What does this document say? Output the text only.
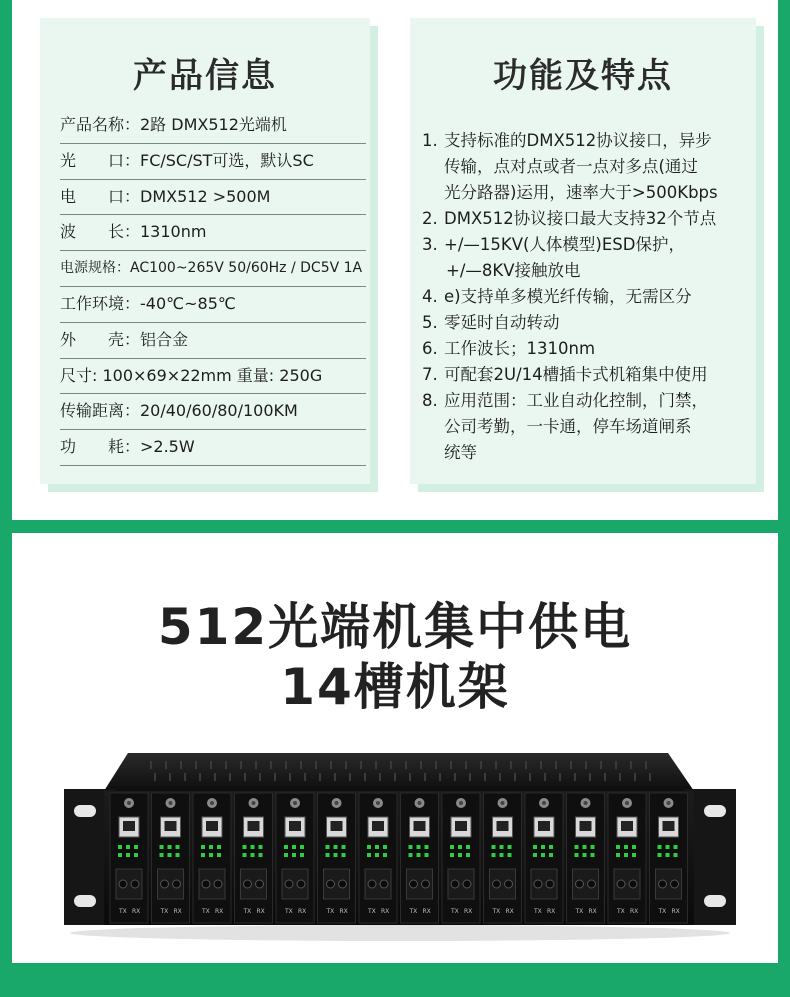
产品信息
产品名称：2路 DMX512光端机
光　　口：FC/SC/ST可选，默认SC
电　　口：DMX512 >500M
波　　长：1310nm
电源规格：AC100~265V 50/60Hz / DC5V 1A
工作环境：-40℃~85℃
外　　壳：铝合金
尺寸: 100×69×22mm 重量: 250G
传输距离：20/40/60/80/100KM
功　　耗：>2.5W
功能及特点
1. 支持标准的DMX512协议接口，异步
传输，点对点或者一点对多点(通过
光分路器)运用，速率大于>500Kbps
2. DMX512协议接口最大支持32个节点
3. +/—15KV(人体模型)ESD保护，
+/—8KV接触放电
4. e)支持单多模光纤传输，无需区分
5. 零延时自动转动
6. 工作波长；1310nm
7. 可配套2U/14槽插卡式机箱集中使用
8. 应用范围：工业自动化控制，门禁，
公司考勤，一卡通，停车场道闸系
统等
512光端机集中供电
14槽机架
TX RX	TX RX	TX RX	TX RX	TX RX	TX RX	TX RX	TX RX	TX RX	TX RX	TX RX	TX RX	TX RX	TX RX
